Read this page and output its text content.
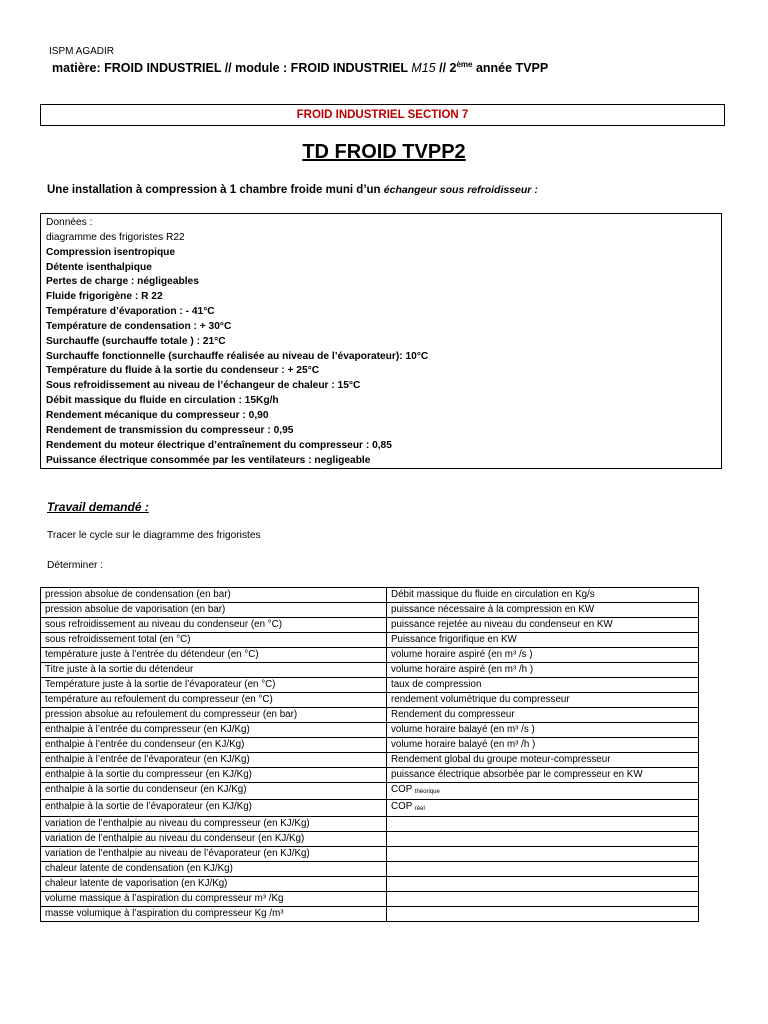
ISPM AGADIR
matière: FROID INDUSTRIEL // module : FROID INDUSTRIEL M15 // 2ème année TVPP
FROID INDUSTRIEL SECTION 7
TD FROID TVPP2
Une installation à compression à 1 chambre froide muni d’un échangeur sous refroidisseur :
Données :
diagramme des frigoristes R22
Compression isentropique
Détente isenthalpique
Pertes de charge : négligeables
Fluide frigorigène : R 22
Température d’évaporation : - 41°C
Température de condensation : + 30°C
Surchauffe (surchauffe totale ) : 21°C
Surchauffe fonctionnelle (surchauffe réalisée au niveau de l’évaporateur): 10°C
Température du fluide à la sortie du condenseur : + 25°C
Sous refroidissement au niveau de l’échangeur de chaleur : 15°C
Débit massique du fluide en circulation : 15Kg/h
Rendement mécanique du compresseur : 0,90
Rendement de transmission du compresseur : 0,95
Rendement du moteur électrique d’entraînement du compresseur : 0,85
Puissance électrique consommée par les ventilateurs : negligeable
Travail demandé :
Tracer le cycle sur le diagramme des frigoristes
Déterminer :
pression absolue de condensation (en bar)	Débit massique du fluide en circulation en Kg/s
pression absolue de vaporisation (en bar)	puissance nécessaire à la compression en KW
sous refroidissement au niveau du condenseur (en °C)	puissance rejetée au niveau du condenseur en KW
sous refroidissement total (en °C)	Puissance frigorifique en KW
température juste à l’entrée du détendeur (en °C)	volume horaire aspiré (en m³ /s )
Titre juste à la sortie du détendeur	volume horaire aspiré (en m³ /h )
Température juste à la sortie de l’évaporateur (en °C)	taux de compression
température au refoulement du compresseur (en °C)	rendement volumétrique du compresseur
pression absolue au refoulement du compresseur (en bar)	Rendement du compresseur
enthalpie à l’entrée du compresseur (en KJ/Kg)	volume horaire balayé (en m³ /s )
enthalpie à l’entrée du condenseur (en KJ/Kg)	volume horaire balayé (en m³ /h )
enthalpie à l’entrée de l’évaporateur (en KJ/Kg)	Rendement global du groupe moteur-compresseur
enthalpie à la sortie du compresseur (en KJ/Kg)	puissance électrique absorbée par le compresseur en KW
enthalpie à la sortie du condenseur (en KJ/Kg)	COP théorique
enthalpie à la sortie de l’évaporateur (en KJ/Kg)	COP réel
variation de l’enthalpie au niveau du compresseur (en KJ/Kg)	
variation de l’enthalpie au niveau du condenseur (en KJ/Kg)	
variation de l’enthalpie au niveau de l’évaporateur (en KJ/Kg)	
chaleur latente de condensation (en KJ/Kg)	
chaleur latente de vaporisation (en KJ/Kg)	
volume massique à l’aspiration du compresseur m³ /Kg	
masse volumique à l’aspiration du compresseur Kg /m³	
